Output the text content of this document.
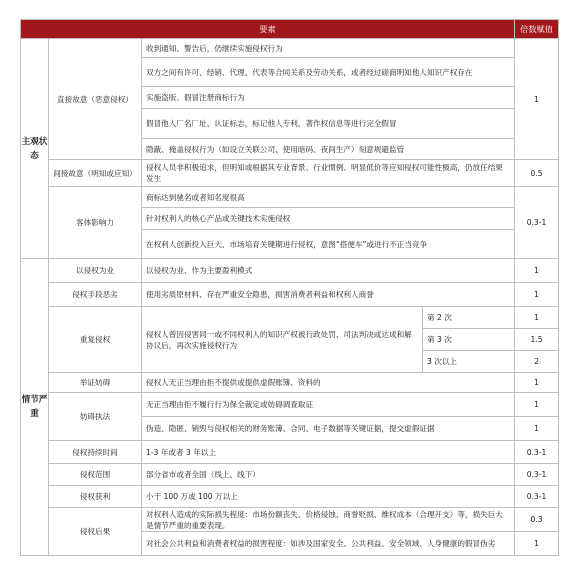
要素				倍数赋值
主观状态	直接故意（恶意侵权）	收到通知、警告后，仍继续实施侵权行为		1
		双方之间有许可、经销、代理、代表等合同关系及劳动关系，或者经过磋商明知他人知识产权存在		
		实施盗版、假冒注册商标行为		
		假冒他人厂名厂址、认证标志，标记他人专利、著作权信息等进行完全假冒		
		隐蔽、掩盖侵权行为（如设立关联公司、使用暗码、夜间生产）刻意规避监管		
	间接故意（明知或应知）	侵权人员非积极追求，但明知或根据其专业背景、行业惯例、明显低价等应知侵权可能性极高，仍放任结果发生		0.5
	客体影响力	商标达到驰名或者知名度很高		0.3-1
		针对权利人的核心产品或关键技术实施侵权		
		在权利人创新投入巨大、市场培育关键期进行侵权，意图“搭便车”或进行不正当竞争		
情节严重	以侵权为业	以侵权为业、作为主要盈利模式		1
	侵权手段恶劣	使用劣质原材料、存在严重安全隐患，损害消费者利益和权利人商誉		1
	重复侵权	侵权人曾因侵害同一或不同权利人的知识产权被行政处罚、司法判决或达成和解协议后，再次实施侵权行为	第 2 次	1
			第 3 次	1.5
			3 次以上	2
	举证妨碍	侵权人无正当理由拒不提供或提供虚假账簿、资料的		1
	妨碍执法	无正当理由拒不履行行为保全裁定或妨碍调查取证		1
		伪造、隐匿、销毁与侵权相关的财务账簿、合同、电子数据等关键证据，提交虚假证据		1
	侵权持续时间	1-3 年或者 3 年以上		0.3-1
	侵权范围	部分省市或者全国（线上、线下）		0.3-1
	侵权获利	小于 100 万或 100 万以上		0.3-1
	侵权后果	对权利人造成的实际损失程度：市场份额丧失、价格侵蚀、商誉贬损、维权成本（合理开支）等，损失巨大是情节严重的重要表现。		0.3
		对社会公共利益和消费者权益的损害程度：如涉及国家安全、公共利益、安全领域、人身健康的假冒伪劣		1
